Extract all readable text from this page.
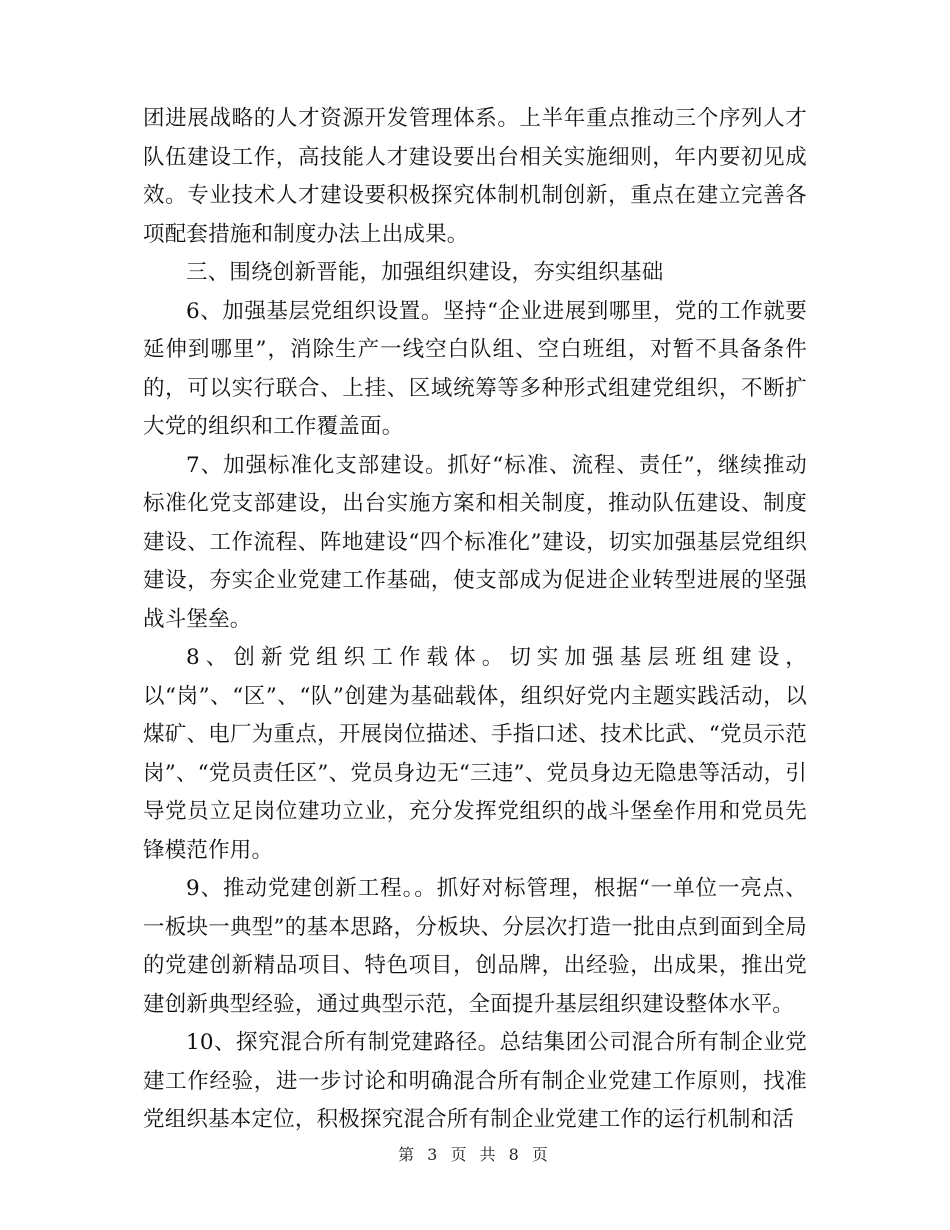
团进展战略的人才资源开发管理体系。上半年重点推动三个序列人才队伍建设工作，高技能人才建设要出台相关实施细则，年内要初见成效。专业技术人才建设要积极探究体制机制创新，重点在建立完善各项配套措施和制度办法上出成果。

三、围绕创新晋能，加强组织建设，夯实组织基础

6、加强基层党组织设置。坚持“企业进展到哪里，党的工作就要延伸到哪里”，消除生产一线空白队组、空白班组，对暂不具备条件的，可以实行联合、上挂、区域统筹等多种形式组建党组织，不断扩大党的组织和工作覆盖面。

7、加强标准化支部建设。抓好“标准、流程、责任”，继续推动标准化党支部建设，出台实施方案和相关制度，推动队伍建设、制度建设、工作流程、阵地建设“四个标准化”建设，切实加强基层党组织建设，夯实企业党建工作基础，使支部成为促进企业转型进展的坚强战斗堡垒。

8、创新党组织工作载体。切实加强基层班组建设，以“岗”、“区”、“队”创建为基础载体，组织好党内主题实践活动，以煤矿、电厂为重点，开展岗位描述、手指口述、技术比武、“党员示范岗”、“党员责任区”、党员身边无“三违”、党员身边无隐患等活动，引导党员立足岗位建功立业，充分发挥党组织的战斗堡垒作用和党员先锋模范作用。

9、推动党建创新工程。。抓好对标管理，根据“一单位一亮点、一板块一典型”的基本思路，分板块、分层次打造一批由点到面到全局的党建创新精品项目、特色项目，创品牌，出经验，出成果，推出党建创新典型经验，通过典型示范，全面提升基层组织建设整体水平。

10、探究混合所有制党建路径。总结集团公司混合所有制企业党建工作经验，进一步讨论和明确混合所有制企业党建工作原则，找准党组织基本定位，积极探究混合所有制企业党建工作的运行机制和活

第 3 页 共 8 页
